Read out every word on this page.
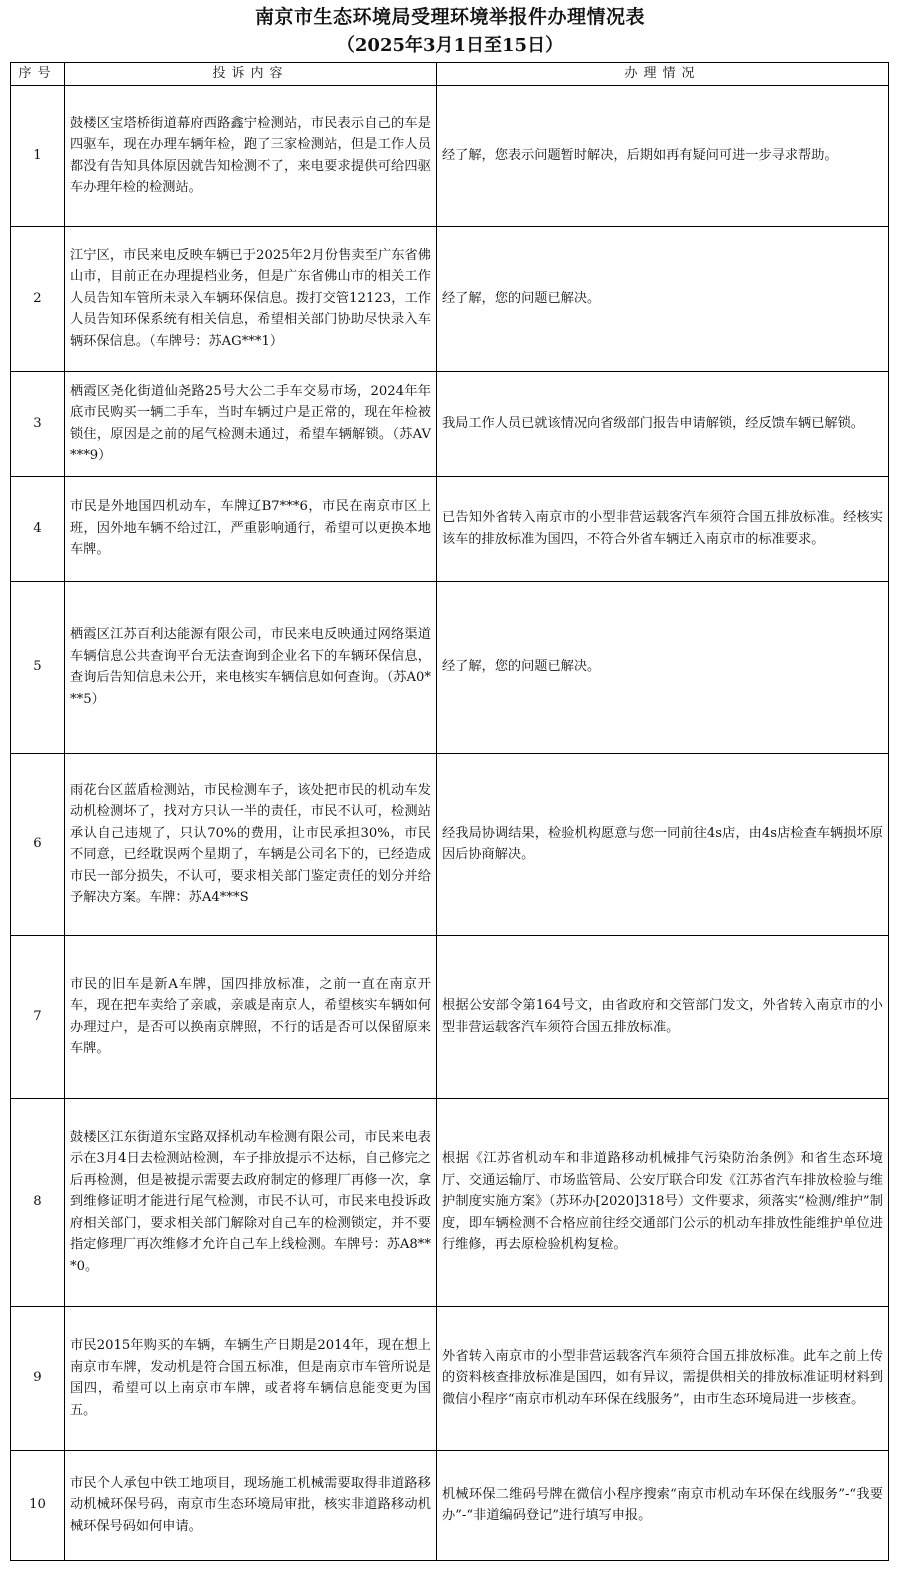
南京市生态环境局受理环境举报件办理情况表
（2025年3月1日至15日）
序号	投诉内容	办理情况
1	鼓楼区宝塔桥街道幕府西路鑫宁检测站，市民表示自己的车是四驱车，现在办理车辆年检，跑了三家检测站，但是工作人员都没有告知具体原因就告知检测不了，来电要求提供可给四驱车办理年检的检测站。	经了解，您表示问题暂时解决，后期如再有疑问可进一步寻求帮助。
2	江宁区，市民来电反映车辆已于2025年2月份售卖至广东省佛山市，目前正在办理提档业务，但是广东省佛山市的相关工作人员告知车管所未录入车辆环保信息。拨打交管12123，工作人员告知环保系统有相关信息，希望相关部门协助尽快录入车辆环保信息。（车牌号：苏AG***1）	经了解，您的问题已解决。
3	栖霞区尧化街道仙尧路25号大公二手车交易市场，2024年年底市民购买一辆二手车，当时车辆过户是正常的，现在年检被锁住，原因是之前的尾气检测未通过，希望车辆解锁。（苏AV***9）	我局工作人员已就该情况向省级部门报告申请解锁，经反馈车辆已解锁。
4	市民是外地国四机动车，车牌辽B7***6，市民在南京市区上班，因外地车辆不给过江，严重影响通行，希望可以更换本地车牌。	已告知外省转入南京市的小型非营运载客汽车须符合国五排放标准。经核实该车的排放标准为国四，不符合外省车辆迁入南京市的标准要求。
5	栖霞区江苏百利达能源有限公司，市民来电反映通过网络渠道车辆信息公共查询平台无法查询到企业名下的车辆环保信息，查询后告知信息未公开，来电核实车辆信息如何查询。（苏A0***5）	经了解，您的问题已解决。
6	雨花台区蓝盾检测站，市民检测车子，该处把市民的机动车发动机检测坏了，找对方只认一半的责任，市民不认可，检测站承认自己违规了，只认70%的费用，让市民承担30%，市民不同意，已经耽误两个星期了，车辆是公司名下的，已经造成市民一部分损失，不认可，要求相关部门鉴定责任的划分并给予解决方案。车牌：苏A4***S	经我局协调结果，检验机构愿意与您一同前往4s店，由4s店检查车辆损坏原因后协商解决。
7	市民的旧车是新A车牌，国四排放标准，之前一直在南京开车，现在把车卖给了亲戚，亲戚是南京人，希望核实车辆如何办理过户，是否可以换南京牌照，不行的话是否可以保留原来车牌。	根据公安部令第164号文，由省政府和交管部门发文，外省转入南京市的小型非营运载客汽车须符合国五排放标准。
8	鼓楼区江东街道东宝路双择机动车检测有限公司，市民来电表示在3月4日去检测站检测，车子排放提示不达标，自己修完之后再检测，但是被提示需要去政府制定的修理厂再修一次，拿到维修证明才能进行尾气检测，市民不认可，市民来电投诉政府相关部门，要求相关部门解除对自己车的检测锁定，并不要指定修理厂再次维修才允许自己车上线检测。车牌号：苏A8***0。	根据《江苏省机动车和非道路移动机械排气污染防治条例》和省生态环境厅、交通运输厅、市场监管局、公安厅联合印发《江苏省汽车排放检验与维护制度实施方案》（苏环办[2020]318号）文件要求，须落实“检测/维护”制度，即车辆检测不合格应前往经交通部门公示的机动车排放性能维护单位进行维修，再去原检验机构复检。
9	市民2015年购买的车辆，车辆生产日期是2014年，现在想上南京市车牌，发动机是符合国五标准，但是南京市车管所说是国四，希望可以上南京市车牌，或者将车辆信息能变更为国五。	外省转入南京市的小型非营运载客汽车须符合国五排放标准。此车之前上传的资料核查排放标准是国四，如有异议，需提供相关的排放标准证明材料到微信小程序“南京市机动车环保在线服务”，由市生态环境局进一步核查。
10	市民个人承包中铁工地项目，现场施工机械需要取得非道路移动机械环保号码，南京市生态环境局审批，核实非道路移动机械环保号码如何申请。	机械环保二维码号牌在微信小程序搜索“南京市机动车环保在线服务”-“我要办”-“非道编码登记”进行填写申报。
